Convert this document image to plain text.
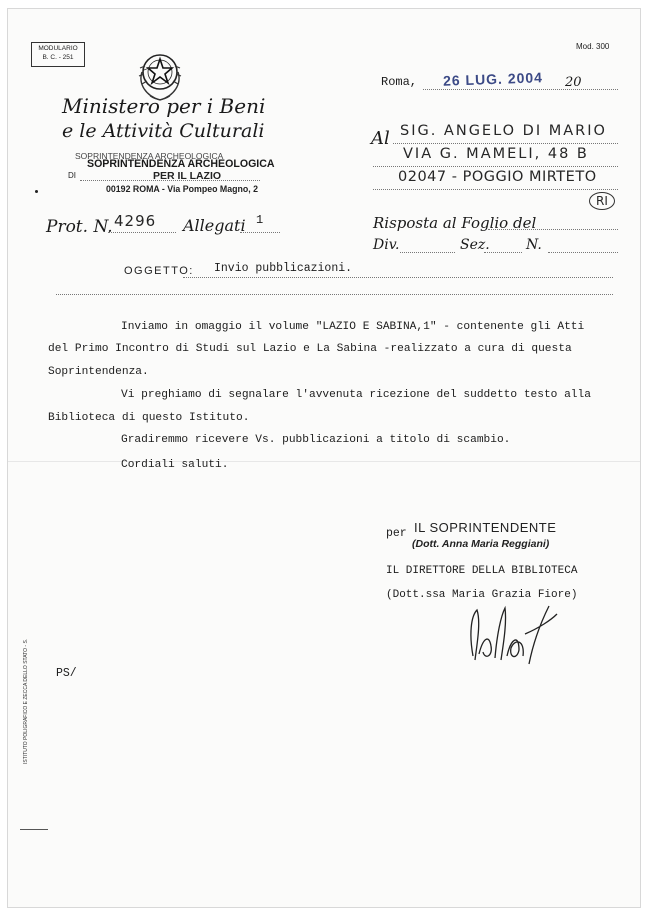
MODULARIO
B. C. - 251
Mod. 300
Ministero per i Beni
e le Attività Culturali
SOPRINTENDENZA ARCHEOLOGICA
SOPRINTENDENZA ARCHEOLOGICA
DI	PER IL LAZIO
00192 ROMA - Via Pompeo Magno, 2
Roma, 26 LUG. 2004 20
Al SIG. ANGELO DI MARIO
VIA G. MAMELI, 48 B
02047 - POGGIO MIRTETO
RI
Prot. N. 4296 Allegati 1	Risposta al Foglio del
Div.	Sez.	N.
OGGETTO: Invio pubblicazioni.
Inviamo in omaggio il volume "LAZIO E SABINA,1" - contenente gli Atti
del Primo Incontro di Studi sul Lazio e La Sabina -realizzato a cura di questa
Soprintendenza.
Vi preghiamo di segnalare l'avvenuta ricezione del suddetto testo alla
Biblioteca di questo Istituto.
Gradiremmo ricevere Vs. pubblicazioni a titolo di scambio.
Cordiali saluti.
per IL SOPRINTENDENTE
(Dott. Anna Maria Reggiani)
IL DIRETTORE DELLA BIBLIOTECA
(Dott.ssa Maria Grazia Fiore)
PS/
ISTITUTO POLIGRAFICO E ZECCA DELLO STATO - S.
